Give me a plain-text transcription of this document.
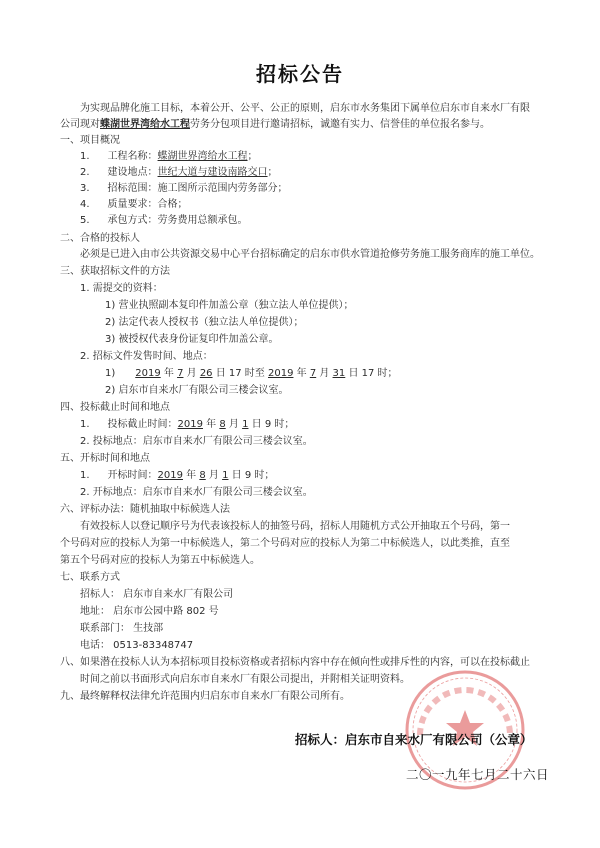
招标公告
为实现品牌化施工目标，本着公开、公平、公正的原则，启东市水务集团下属单位启东市自来水厂有限
公司现对蝶湖世界湾给水工程劳务分包项目进行邀请招标，诚邀有实力、信誉佳的单位报名参与。
一、项目概况
1. 工程名称：蝶湖世界湾给水工程；
2. 建设地点：世纪大道与建设南路交口；
3. 招标范围：施工图所示范围内劳务部分；
4. 质量要求：合格；
5. 承包方式：劳务费用总额承包。
二、合格的投标人
必须是已进入由市公共资源交易中心平台招标确定的启东市供水管道抢修劳务施工服务商库的施工单位。
三、获取招标文件的方法
1. 需提交的资料：
1) 营业执照副本复印件加盖公章（独立法人单位提供）；
2) 法定代表人授权书（独立法人单位提供）；
3) 被授权代表身份证复印件加盖公章。
2. 招标文件发售时间、地点：
1) 2019 年 7 月 26 日 17 时至 2019 年 7 月 31 日 17 时；
2) 启东市自来水厂有限公司三楼会议室。
四、投标截止时间和地点
1. 投标截止时间：2019 年 8 月 1 日 9 时；
2. 投标地点：启东市自来水厂有限公司三楼会议室。
五、开标时间和地点
1. 开标时间：2019 年 8 月 1 日 9 时；
2. 开标地点：启东市自来水厂有限公司三楼会议室。
六、评标办法：随机抽取中标候选人法
有效投标人以登记顺序号为代表该投标人的抽签号码，招标人用随机方式公开抽取五个号码，第一
个号码对应的投标人为第一中标候选人，第二个号码对应的投标人为第二中标候选人，以此类推，直至
第五个号码对应的投标人为第五中标候选人。
七、联系方式
招标人： 启东市自来水厂有限公司
地址： 启东市公园中路 802 号
联系部门： 生技部
电话： 0513-83348747
八、如果潜在投标人认为本招标项目投标资格或者招标内容中存在倾向性或排斥性的内容，可以在投标截止
时间之前以书面形式向启东市自来水厂有限公司提出，并附相关证明资料。
九、最终解释权法律允许范围内归启东市自来水厂有限公司所有。
招标人：启东市自来水厂有限公司（公章）
二〇一九年七月二十六日
